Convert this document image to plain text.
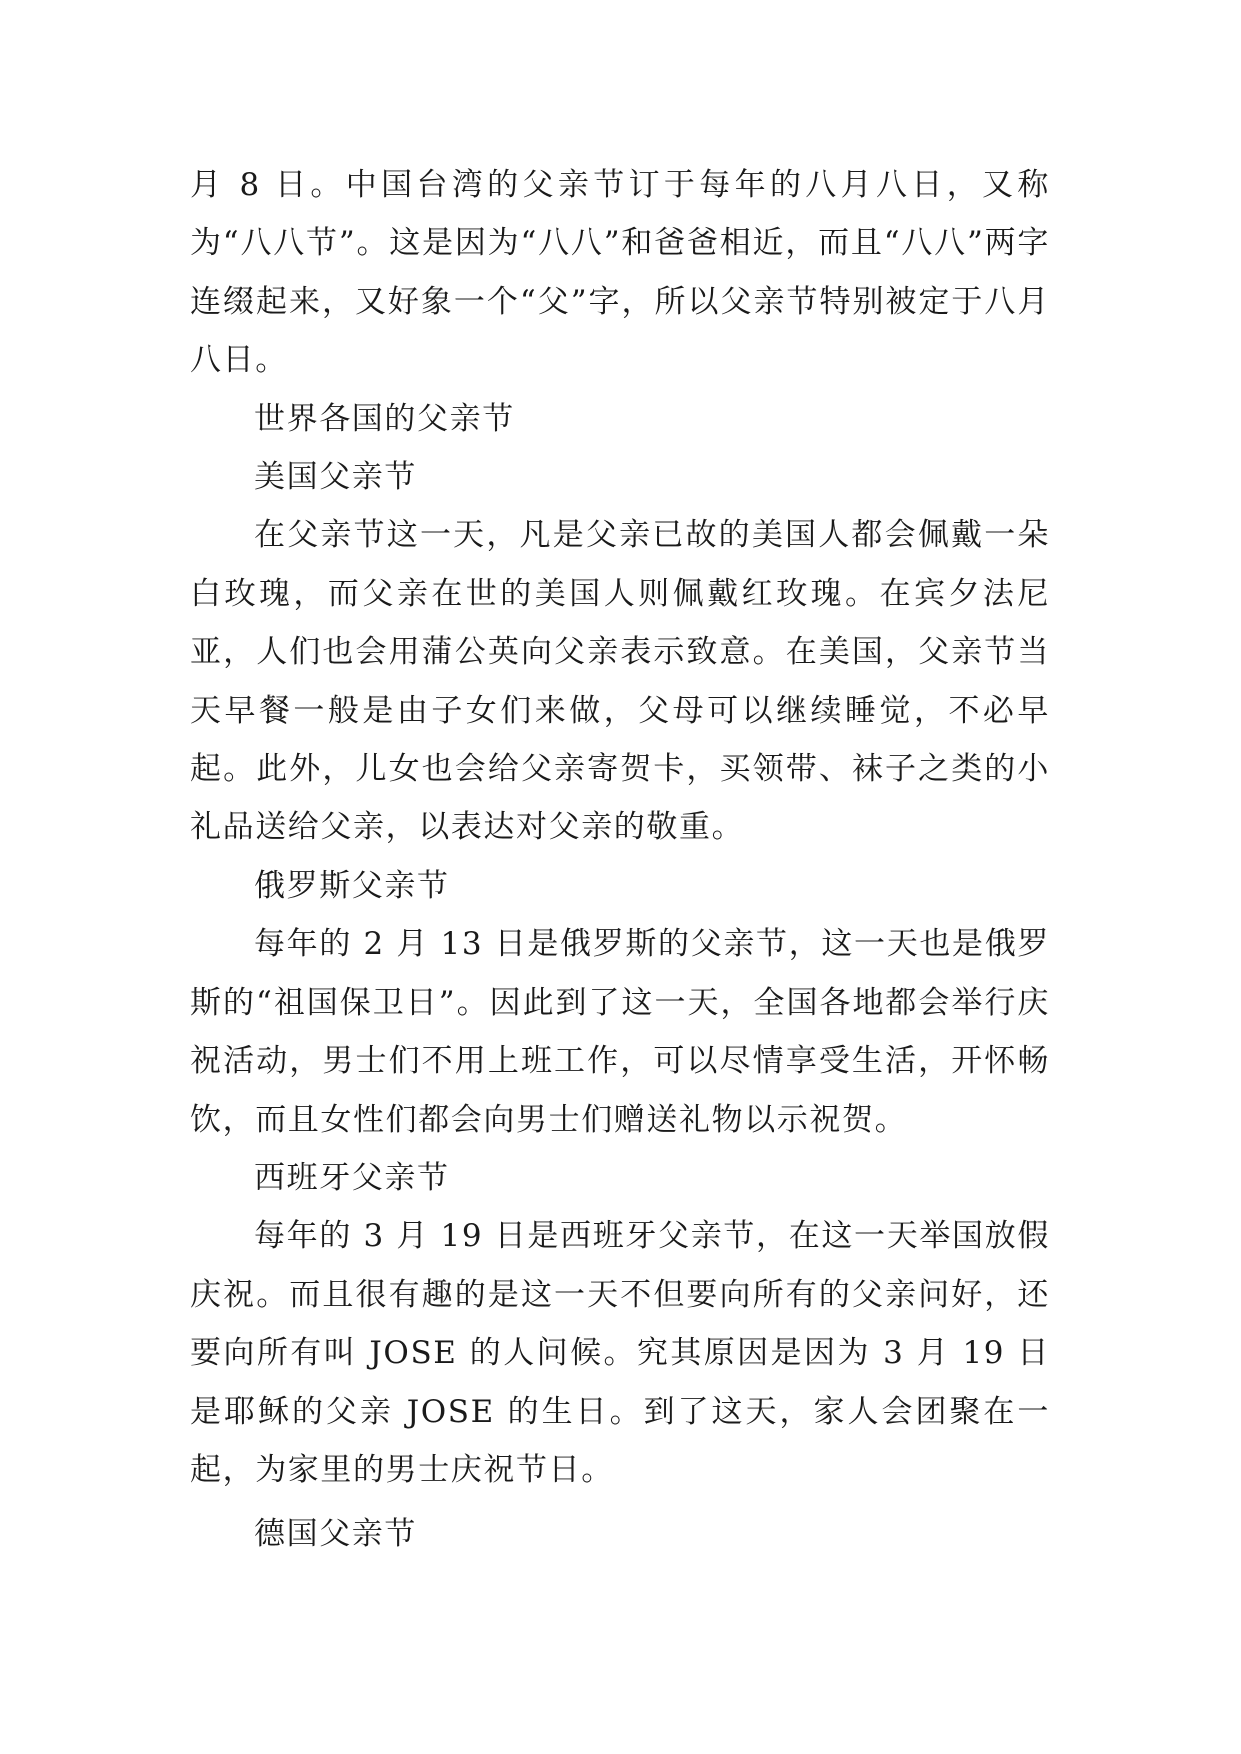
月 8 日。中国台湾的父亲节订于每年的八月八日，又称为“八八节”。这是因为“八八”和爸爸相近，而且“八八”两字连缀起来，又好象一个“父”字，所以父亲节特别被定于八月八日。

世界各国的父亲节

美国父亲节

在父亲节这一天，凡是父亲已故的美国人都会佩戴一朵白玫瑰，而父亲在世的美国人则佩戴红玫瑰。在宾夕法尼亚，人们也会用蒲公英向父亲表示致意。在美国，父亲节当天早餐一般是由子女们来做，父母可以继续睡觉，不必早起。此外，儿女也会给父亲寄贺卡，买领带、袜子之类的小礼品送给父亲，以表达对父亲的敬重。

俄罗斯父亲节

每年的 2 月 13 日是俄罗斯的父亲节，这一天也是俄罗斯的“祖国保卫日”。因此到了这一天，全国各地都会举行庆祝活动，男士们不用上班工作，可以尽情享受生活，开怀畅饮，而且女性们都会向男士们赠送礼物以示祝贺。

西班牙父亲节

每年的 3 月 19 日是西班牙父亲节，在这一天举国放假庆祝。而且很有趣的是这一天不但要向所有的父亲问好，还要向所有叫 JOSE 的人问候。究其原因是因为 3 月 19 日是耶稣的父亲 JOSE 的生日。到了这天，家人会团聚在一起，为家里的男士庆祝节日。

德国父亲节
